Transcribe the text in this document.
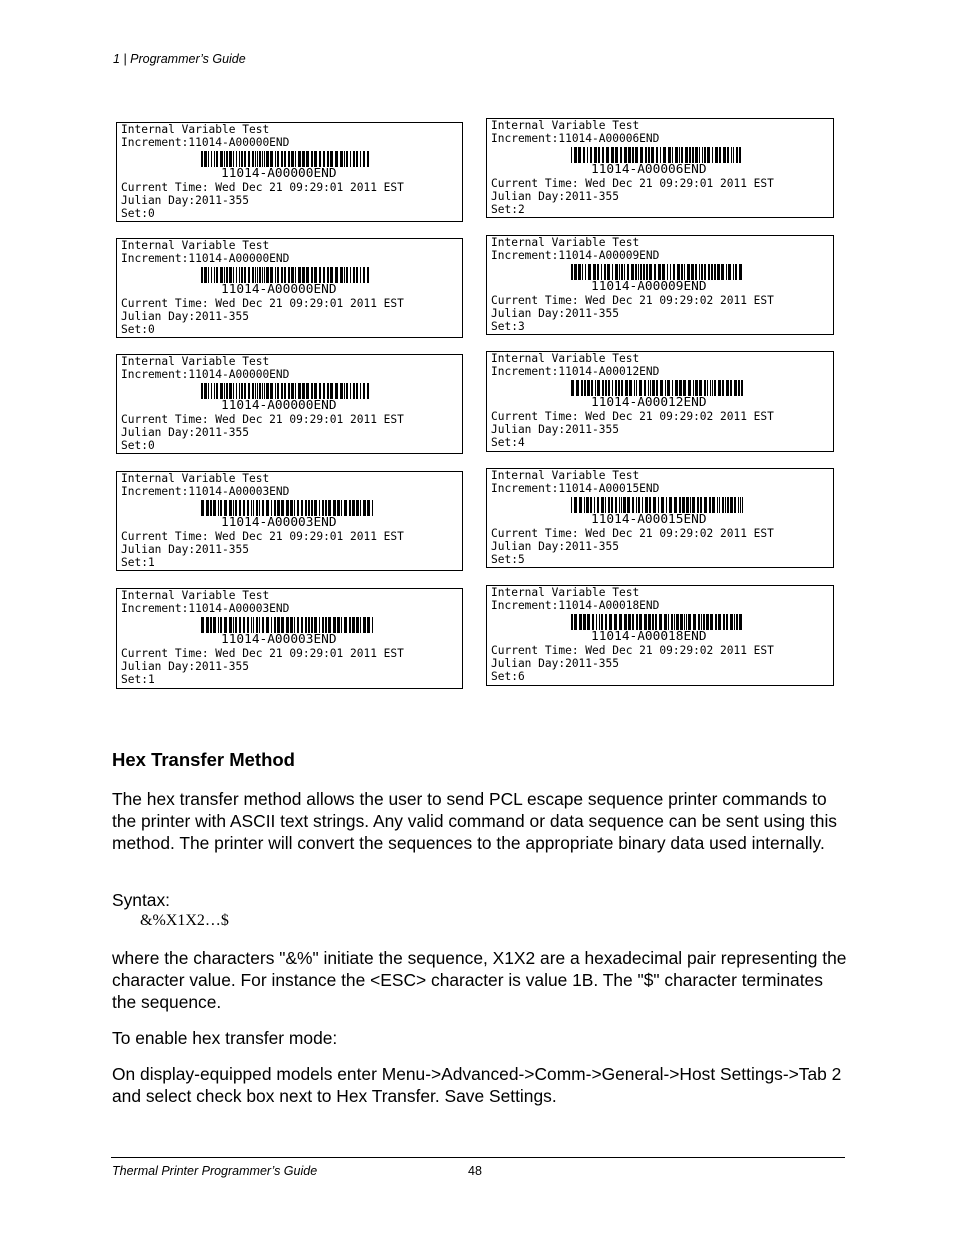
1 | Programmer’s Guide
Internal Variable Test
Increment:11014-A00000END
11014-A00000END
Current Time: Wed Dec 21 09:29:01 2011 EST
Julian Day:2011-355
Set:0
Internal Variable Test
Increment:11014-A00006END
11014-A00006END
Current Time: Wed Dec 21 09:29:01 2011 EST
Julian Day:2011-355
Set:2
Internal Variable Test
Increment:11014-A00000END
11014-A00000END
Current Time: Wed Dec 21 09:29:01 2011 EST
Julian Day:2011-355
Set:0
Internal Variable Test
Increment:11014-A00009END
11014-A00009END
Current Time: Wed Dec 21 09:29:02 2011 EST
Julian Day:2011-355
Set:3
Internal Variable Test
Increment:11014-A00000END
11014-A00000END
Current Time: Wed Dec 21 09:29:01 2011 EST
Julian Day:2011-355
Set:0
Internal Variable Test
Increment:11014-A00012END
11014-A00012END
Current Time: Wed Dec 21 09:29:02 2011 EST
Julian Day:2011-355
Set:4
Internal Variable Test
Increment:11014-A00003END
11014-A00003END
Current Time: Wed Dec 21 09:29:01 2011 EST
Julian Day:2011-355
Set:1
Internal Variable Test
Increment:11014-A00015END
11014-A00015END
Current Time: Wed Dec 21 09:29:02 2011 EST
Julian Day:2011-355
Set:5
Internal Variable Test
Increment:11014-A00003END
11014-A00003END
Current Time: Wed Dec 21 09:29:01 2011 EST
Julian Day:2011-355
Set:1
Internal Variable Test
Increment:11014-A00018END
11014-A00018END
Current Time: Wed Dec 21 09:29:02 2011 EST
Julian Day:2011-355
Set:6
Hex Transfer Method

The hex transfer method allows the user to send PCL escape sequence printer commands to the printer with ASCII text strings. Any valid command or data sequence can be sent using this method. The printer will convert the sequences to the appropriate binary data used internally.

Syntax:

&%X1X2…$

where the characters "&%" initiate the sequence, X1X2 are a hexadecimal pair representing the character value. For instance the <ESC> character is value 1B. The "$" character terminates the sequence.

To enable hex transfer mode:

On display-equipped models enter Menu->Advanced->Comm->General->Host Settings->Tab 2 and select check box next to Hex Transfer. Save Settings.

Thermal Printer Programmer’s Guide	48
